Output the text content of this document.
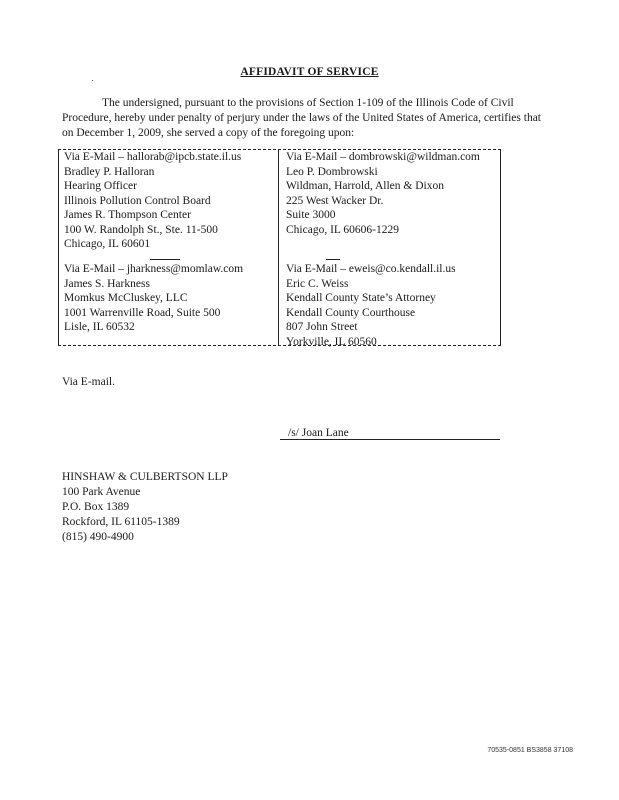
AFFIDAVIT OF SERVICE
The undersigned, pursuant to the provisions of Section 1-109 of the Illinois Code of Civil Procedure, hereby under penalty of perjury under the laws of the United States of America, certifies that on December 1, 2009, she served a copy of the foregoing upon:
Via E-Mail – hallorab@ipcb.state.il.us
Bradley P. Halloran
Hearing Officer
Illinois Pollution Control Board
James R. Thompson Center
100 W. Randolph St., Ste. 11-500
Chicago, IL 60601
Via E-Mail – dombrowski@wildman.com
Leo P. Dombrowski
Wildman, Harrold, Allen & Dixon
225 West Wacker Dr.
Suite 3000
Chicago, IL 60606-1229
Via E-Mail – jharkness@momlaw.com
James S. Harkness
Momkus McCluskey, LLC
1001 Warrenville Road, Suite 500
Lisle, IL 60532
Via E-Mail – eweis@co.kendall.il.us
Eric C. Weiss
Kendall County State’s Attorney
Kendall County Courthouse
807 John Street
Yorkville, IL 60560
Via E-mail.
/s/ Joan Lane
HINSHAW & CULBERTSON LLP
100 Park Avenue
P.O. Box 1389
Rockford, IL 61105-1389
(815) 490-4900
70535-0851 BS3858 37108
